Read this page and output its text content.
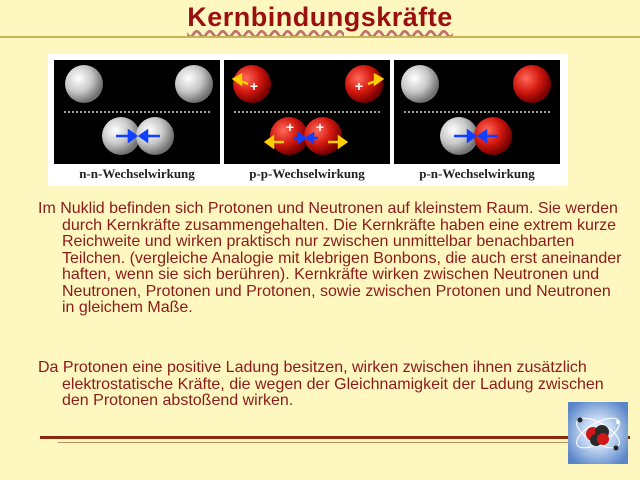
Kernbindungskräfte
n-n-Wechselwirkung
+	+
+ +
p-p-Wechselwirkung	p-n-Wechselwirkung
Im Nuklid befinden sich Protonen und Neutronen auf kleinstem Raum. Sie werden durch Kernkräfte zusammengehalten. Die Kernkräfte haben eine extrem kurze Reichweite und wirken praktisch nur zwischen unmittelbar benachbarten Teilchen. (vergleiche Analogie mit klebrigen Bonbons, die auch erst aneinander haften, wenn sie sich berühren). Kernkräfte wirken zwischen Neutronen und Neutronen, Protonen und Protonen, sowie zwischen Protonen und Neutronen in gleichem Maße.
Da Protonen eine positive Ladung besitzen, wirken zwischen ihnen zusätzlich elektrostatische Kräfte, die wegen der Gleichnamigkeit der Ladung zwischen den Protonen abstoßend wirken.
